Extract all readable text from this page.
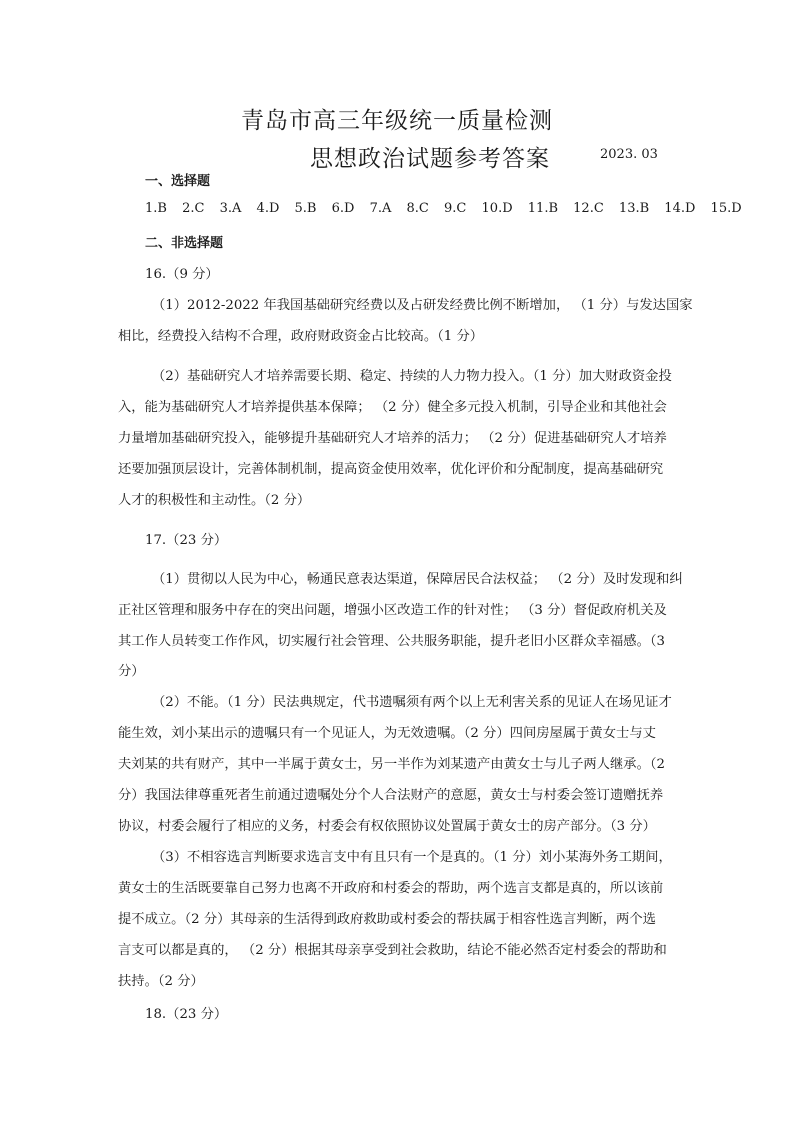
青岛市高三年级统一质量检测
思想政治试题参考答案	2023. 03
一、选择题
1.B 2.C 3.A 4.D 5.B 6.D 7.A 8.C 9.C 10.D 11.B 12.C 13.B 14.D 15.D
二、非选择题
16.（9 分）
（1）2012-2022 年我国基础研究经费以及占研发经费比例不断增加， （1 分）与发达国家
相比，经费投入结构不合理，政府财政资金占比较高。（1 分）
（2）基础研究人才培养需要长期、稳定、持续的人力物力投入。（1 分）加大财政资金投
入，能为基础研究人才培养提供基本保障； （2 分）健全多元投入机制，引导企业和其他社会
力量增加基础研究投入，能够提升基础研究人才培养的活力； （2 分）促进基础研究人才培养
还要加强顶层设计，完善体制机制，提高资金使用效率，优化评价和分配制度，提高基础研究
人才的积极性和主动性。（2 分）
17.（23 分）
（1）贯彻以人民为中心，畅通民意表达渠道，保障居民合法权益； （2 分）及时发现和纠
正社区管理和服务中存在的突出问题，增强小区改造工作的针对性； （3 分）督促政府机关及
其工作人员转变工作作风，切实履行社会管理、公共服务职能，提升老旧小区群众幸福感。（3
分）
（2）不能。（1 分）民法典规定，代书遗嘱须有两个以上无利害关系的见证人在场见证才
能生效，刘小某出示的遗嘱只有一个见证人，为无效遗嘱。（2 分）四间房屋属于黄女士与丈
夫刘某的共有财产，其中一半属于黄女士，另一半作为刘某遗产由黄女士与儿子两人继承。（2
分）我国法律尊重死者生前通过遗嘱处分个人合法财产的意愿，黄女士与村委会签订遗赠抚养
协议，村委会履行了相应的义务，村委会有权依照协议处置属于黄女士的房产部分。（3 分）
（3）不相容选言判断要求选言支中有且只有一个是真的。（1 分）刘小某海外务工期间，
黄女士的生活既要靠自己努力也离不开政府和村委会的帮助，两个选言支都是真的，所以该前
提不成立。（2 分）其母亲的生活得到政府救助或村委会的帮扶属于相容性选言判断，两个选
言支可以都是真的， （2 分）根据其母亲享受到社会救助，结论不能必然否定村委会的帮助和
扶持。（2 分）
18.（23 分）
